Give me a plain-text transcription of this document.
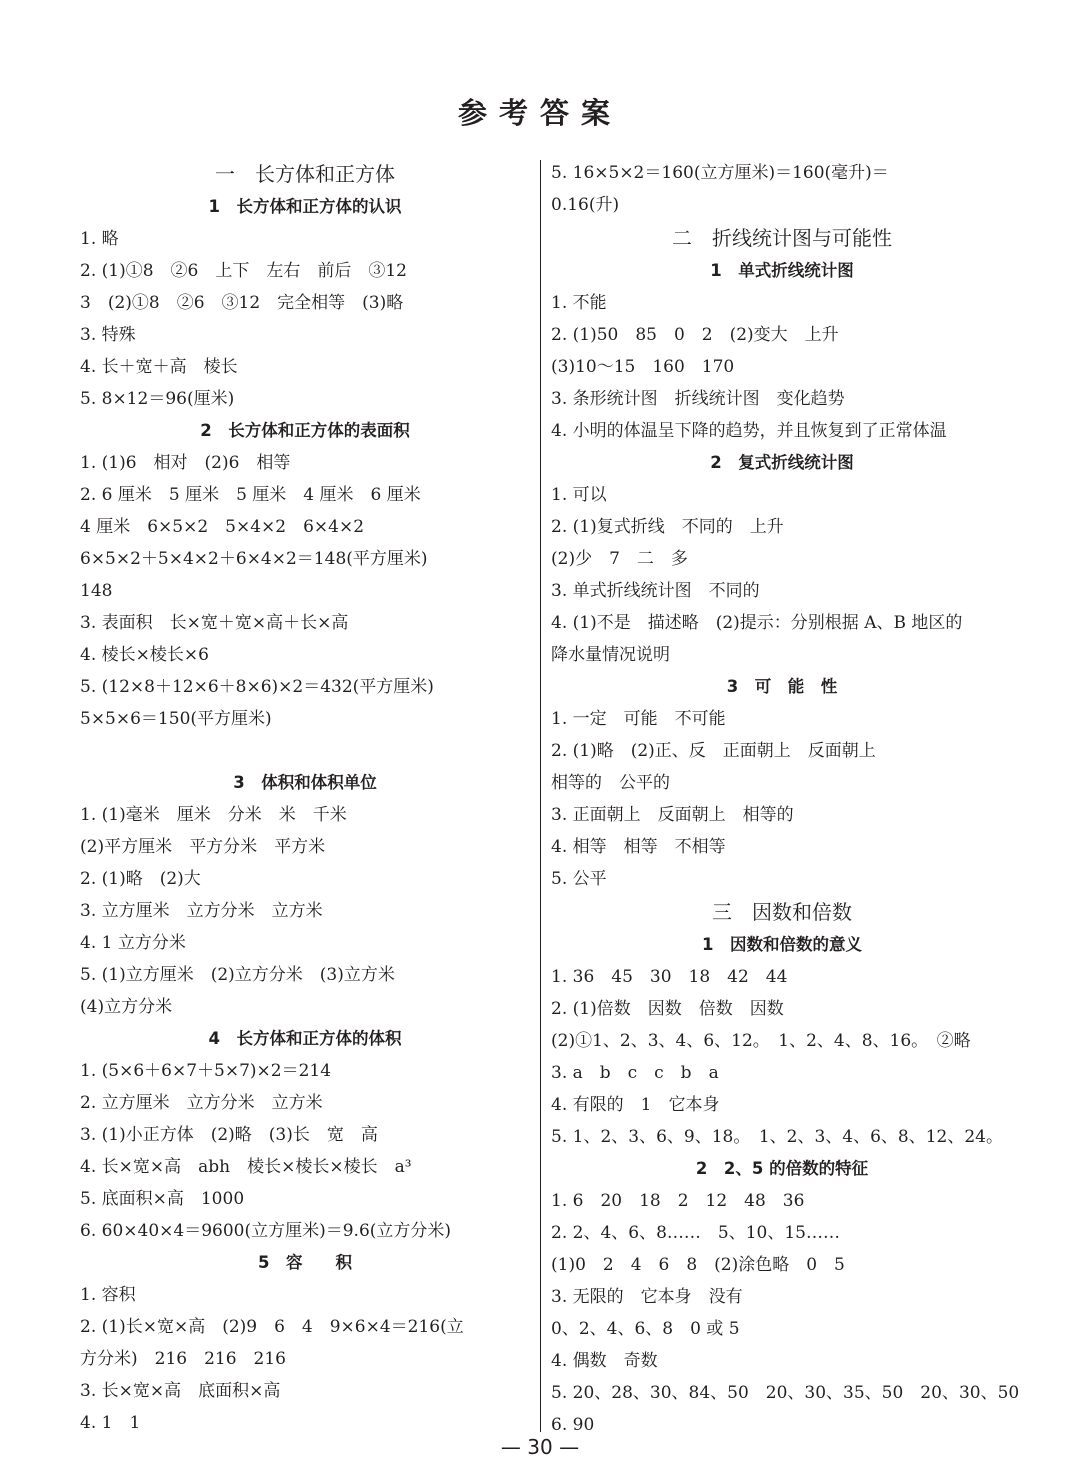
参考答案
一　长方体和正方体
1　长方体和正方体的认识
1. 略
2. (1)①8　②6　上下　左右　前后　③12
3　(2)①8　②6　③12　完全相等　(3)略
3. 特殊
4. 长＋宽＋高　棱长
5. 8×12＝96(厘米)
2　长方体和正方体的表面积
1. (1)6　相对　(2)6　相等
2. 6 厘米　5 厘米　5 厘米　4 厘米　6 厘米
4 厘米　6×5×2　5×4×2　6×4×2
6×5×2＋5×4×2＋6×4×2＝148(平方厘米)
148
3. 表面积　长×宽＋宽×高＋长×高
4. 棱长×棱长×6
5. (12×8＋12×6＋8×6)×2＝432(平方厘米)
5×5×6＝150(平方厘米)
3　体积和体积单位
1. (1)毫米　厘米　分米　米　千米
(2)平方厘米　平方分米　平方米
2. (1)略　(2)大
3. 立方厘米　立方分米　立方米
4. 1 立方分米
5. (1)立方厘米　(2)立方分米　(3)立方米
(4)立方分米
4　长方体和正方体的体积
1. (5×6＋6×7＋5×7)×2＝214
2. 立方厘米　立方分米　立方米
3. (1)小正方体　(2)略　(3)长　宽　高
4. 长×宽×高　abh　棱长×棱长×棱长　a³
5. 底面积×高　1000
6. 60×40×4＝9600(立方厘米)＝9.6(立方分米)
5　容　　积
1. 容积
2. (1)长×宽×高　(2)9　6　4　9×6×4＝216(立
方分米)　216　216　216
3. 长×宽×高　底面积×高
4. 1　1
5. 16×5×2＝160(立方厘米)＝160(毫升)＝
0.16(升)
二　折线统计图与可能性
1　单式折线统计图
1. 不能
2. (1)50　85　0　2　(2)变大　上升
(3)10～15　160　170
3. 条形统计图　折线统计图　变化趋势
4. 小明的体温呈下降的趋势，并且恢复到了正常体温
2　复式折线统计图
1. 可以
2. (1)复式折线　不同的　上升
(2)少　7　二　多
3. 单式折线统计图　不同的
4. (1)不是　描述略　(2)提示：分别根据 A、B 地区的
降水量情况说明
3　可　能　性
1. 一定　可能　不可能
2. (1)略　(2)正、反　正面朝上　反面朝上
相等的　公平的
3. 正面朝上　反面朝上　相等的
4. 相等　相等　不相等
5. 公平
三　因数和倍数
1　因数和倍数的意义
1. 36　45　30　18　42　44
2. (1)倍数　因数　倍数　因数
(2)①1、2、3、4、6、12。　1、2、4、8、16。　②略
3. a　b　c　c　b　a
4. 有限的　1　它本身
5. 1、2、3、6、9、18。　1、2、3、4、6、8、12、24。
2　2、5 的倍数的特征
1. 6　20　18　2　12　48　36
2. 2、4、6、8……　5、10、15……
(1)0　2　4　6　8　(2)涂色略　0　5
3. 无限的　它本身　没有
0、2、4、6、8　0 或 5
4. 偶数　奇数
5. 20、28、30、84、50　20、30、35、50　20、30、50
6. 90
— 30 —
